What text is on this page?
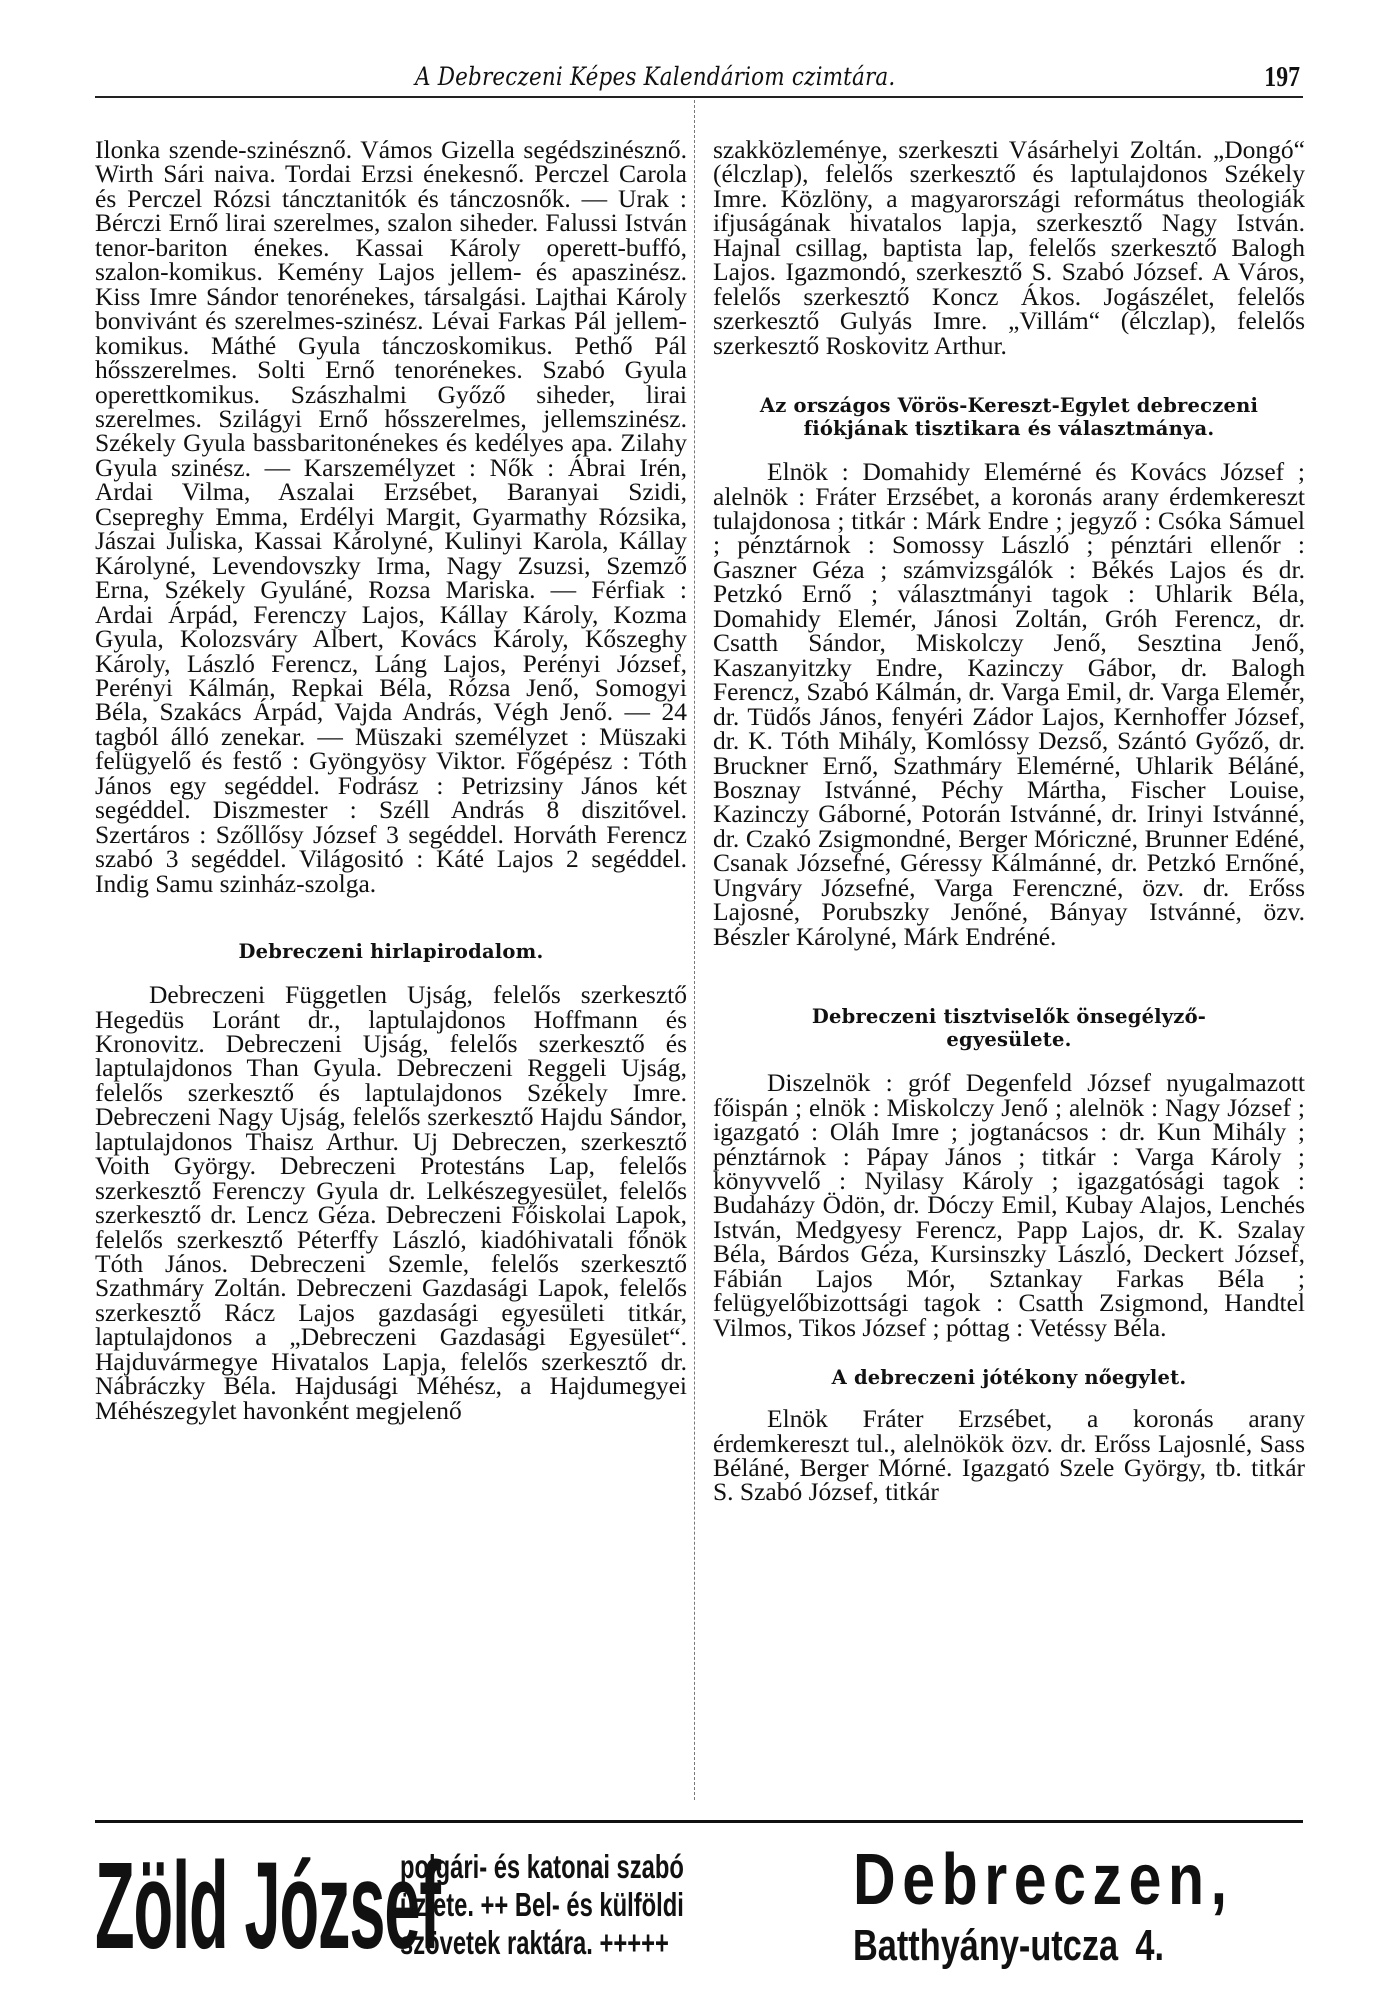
A Debreczeni Képes Kalendáriom czimtára.	197

Ilonka szende-szinésznő. Vámos Gizella segédszinésznő. Wirth Sári naiva. Tordai Erzsi énekesnő. Perczel Carola és Perczel Rózsi táncztanitók és tánczosnők. — Urak : Bérczi Ernő lirai szerelmes, szalon siheder. Falussi István tenor-bariton énekes. Kassai Károly operett-buffó, szalon-komikus. Kemény Lajos jellem- és apaszinész. Kiss Imre Sándor tenorénekes, társalgási. Lajthai Károly bonvivánt és szerelmes-szinész. Lévai Farkas Pál jellem-komikus. Máthé Gyula tánczoskomikus. Pethő Pál hősszerelmes. Solti Ernő tenorénekes. Szabó Gyula operettkomikus. Szászhalmi Győző siheder, lirai szerelmes. Szilágyi Ernő hősszerelmes, jellemszinész. Székely Gyula bassbaritonénekes és kedélyes apa. Zilahy Gyula szinész. — Karszemélyzet : Nők : Ábrai Irén, Ardai Vilma, Aszalai Erzsébet, Baranyai Szidi, Csepreghy Emma, Erdélyi Margit, Gyarmathy Rózsika, Jászai Juliska, Kassai Károlyné, Kulinyi Karola, Kállay Károlyné, Levendovszky Irma, Nagy Zsuzsi, Szemző Erna, Székely Gyuláné, Rozsa Mariska. — Férfiak : Ardai Árpád, Ferenczy Lajos, Kállay Károly, Kozma Gyula, Kolozsváry Albert, Kovács Károly, Kőszeghy Károly, László Ferencz, Láng Lajos, Perényi József, Perényi Kálmán, Repkai Béla, Rózsa Jenő, Somogyi Béla, Szakács Árpád, Vajda András, Végh Jenő. — 24 tagból álló zenekar. — Müszaki személyzet : Müszaki felügyelő és festő : Gyöngyösy Viktor. Főgépész : Tóth János egy segéddel. Fodrász : Petrizsiny János két segéddel. Diszmester : Széll András 8 diszitővel. Szertáros : Szőllősy József 3 segéddel. Horváth Ferencz szabó 3 segéddel. Világositó : Káté Lajos 2 segéddel. Indig Samu szinház-szolga.

Debreczeni hirlapirodalom.

Debreczeni Független Ujság, felelős szerkesztő Hegedüs Loránt dr., laptulajdonos Hoffmann és Kronovitz. Debreczeni Ujság, felelős szerkesztő és laptulajdonos Than Gyula. Debreczeni Reggeli Ujság, felelős szerkesztő és laptulajdonos Székely Imre. Debreczeni Nagy Ujság, felelős szerkesztő Hajdu Sándor, laptulajdonos Thaisz Arthur. Uj Debreczen, szerkesztő Voith György. Debreczeni Protestáns Lap, felelős szerkesztő Ferenczy Gyula dr. Lelkészegyesület, felelős szerkesztő dr. Lencz Géza. Debreczeni Főiskolai Lapok, felelős szerkesztő Péterffy László, kiadóhivatali főnök Tóth János. Debreczeni Szemle, felelős szerkesztő Szathmáry Zoltán. Debreczeni Gazdasági Lapok, felelős szerkesztő Rácz Lajos gazdasági egyesületi titkár, laptulajdonos a „Debreczeni Gazdasági Egyesület“. Hajduvármegye Hivatalos Lapja, felelős szerkesztő dr. Nábráczky Béla. Hajdusági Méhész, a Hajdumegyei Méhészegylet havonként megjelenő

szakközleménye, szerkeszti Vásárhelyi Zoltán. „Dongó“ (élczlap), felelős szerkesztő és laptulajdonos Székely Imre. Közlöny, a magyarországi református theologiák ifjuságának hivatalos lapja, szerkesztő Nagy István. Hajnal csillag, baptista lap, felelős szerkesztő Balogh Lajos. Igazmondó, szerkesztő S. Szabó József. A Város, felelős szerkesztő Koncz Ákos. Jogászélet, felelős szerkesztő Gulyás Imre. „Villám“ (élczlap), felelős szerkesztő Roskovitz Arthur.

Az országos Vörös-Kereszt-Egylet debreczeni
fiókjának tisztikara és választmánya.

Elnök : Domahidy Elemérné és Kovács József ; alelnök : Fráter Erzsébet, a koronás arany érdemkereszt tulajdonosa ; titkár : Márk Endre ; jegyző : Csóka Sámuel ; pénztárnok : Somossy László ; pénztári ellenőr : Gaszner Géza ; számvizsgálók : Békés Lajos és dr. Petzkó Ernő ; választmányi tagok : Uhlarik Béla, Domahidy Elemér, Jánosi Zoltán, Gróh Ferencz, dr. Csatth Sándor, Miskolczy Jenő, Sesztina Jenő, Kaszanyitzky Endre, Kazinczy Gábor, dr. Balogh Ferencz, Szabó Kálmán, dr. Varga Emil, dr. Varga Elemér, dr. Tüdős János, fenyéri Zádor Lajos, Kernhoffer József, dr. K. Tóth Mihály, Komlóssy Dezső, Szántó Győző, dr. Bruckner Ernő, Szathmáry Elemérné, Uhlarik Béláné, Bosznay Istvánné, Péchy Mártha, Fischer Louise, Kazinczy Gáborné, Potorán Istvánné, dr. Irinyi Istvánné, dr. Czakó Zsigmondné, Berger Móriczné, Brunner Edéné, Csanak Józsefné, Géressy Kálmánné, dr. Petzkó Ernőné, Ungváry Józsefné, Varga Ferenczné, özv. dr. Erőss Lajosné, Porubszky Jenőné, Bányay Istvánné, özv. Bészler Károlyné, Márk Endréné.

Debreczeni tisztviselők önsegélyző-
egyesülete.

Diszelnök : gróf Degenfeld József nyugalmazott főispán ; elnök : Miskolczy Jenő ; alelnök : Nagy József ; igazgató : Oláh Imre ; jogtanácsos : dr. Kun Mihály ; pénztárnok : Pápay János ; titkár : Varga Károly ; könyvvelő : Nyilasy Károly ; igazgatósági tagok : Budaházy Ödön, dr. Dóczy Emil, Kubay Alajos, Lenchés István, Medgyesy Ferencz, Papp Lajos, dr. K. Szalay Béla, Bárdos Géza, Kursinszky László, Deckert József, Fábián Lajos Mór, Sztankay Farkas Béla ; felügyelőbizottsági tagok : Csatth Zsigmond, Handtel Vilmos, Tikos József ; póttag : Vetéssy Béla.

A debreczeni jótékony nőegylet.

Elnök Fráter Erzsébet, a koronás arany érdemkereszt tul., alelnökök özv. dr. Erőss Lajosnlé, Sass Béláné, Berger Mórné. Igazgató Szele György, tb. titkár S. Szabó József, titkár

Zöld József
polgári- és katonai szabó
üzlete. ++ Bel- és külföldi
szövetek raktára. +++++
Debreczen,
Batthyány-utcza 4.
